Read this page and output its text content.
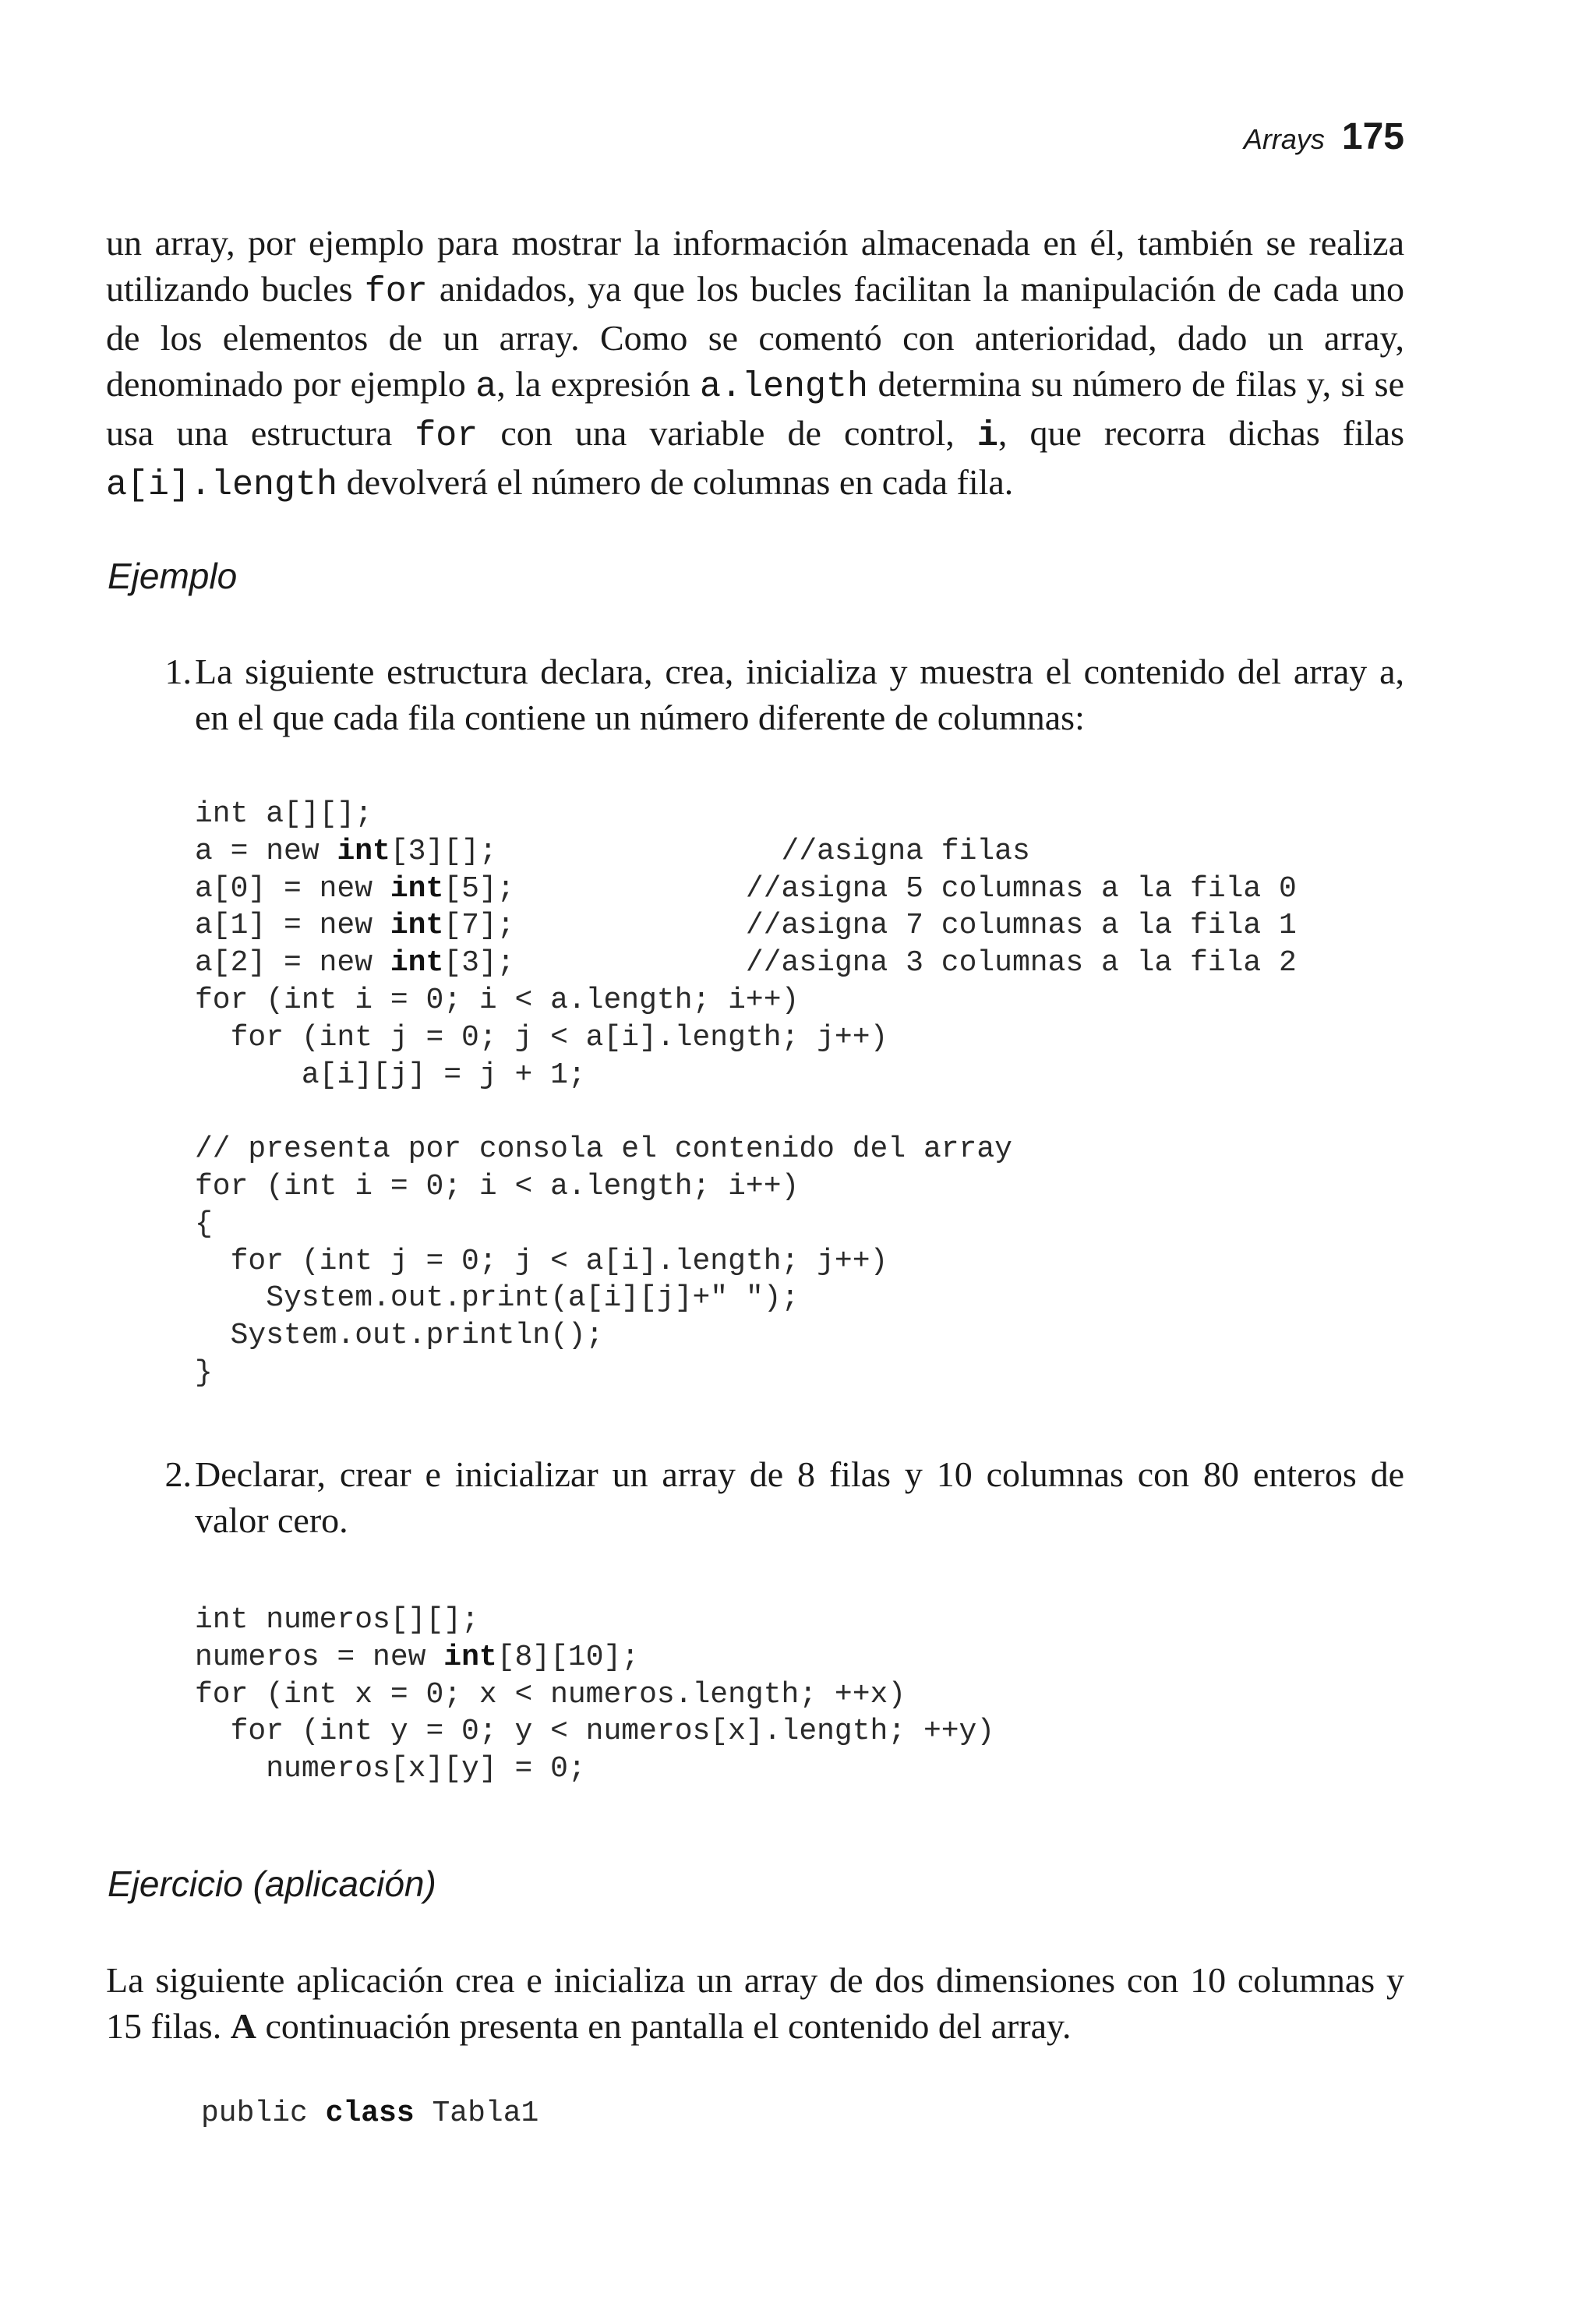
Arrays 175

un array, por ejemplo para mostrar la información almacenada en él, también se realiza utilizando bucles for anidados, ya que los bucles facilitan la manipulación de cada uno de los elementos de un array. Como se comentó con anterioridad, dado un array, denominado por ejemplo a, la expresión a.length determina su número de filas y, si se usa una estructura for con una variable de control, i, que recorra dichas filas a[i].length devolverá el número de columnas en cada fila.

Ejemplo
1. La siguiente estructura declara, crea, inicializa y muestra el contenido del array a, en el que cada fila contiene un número diferente de columnas:
int a[][];
a = new int[3][];                //asigna filas
a[0] = new int[5];             //asigna 5 columnas a la fila 0
a[1] = new int[7];             //asigna 7 columnas a la fila 1
a[2] = new int[3];             //asigna 3 columnas a la fila 2
for (int i = 0; i < a.length; i++)
for (int j = 0; j < a[i].length; j++)
a[i][j] = j + 1;

// presenta por consola el contenido del array
for (int i = 0; i < a.length; i++)
{
for (int j = 0; j < a[i].length; j++)
System.out.print(a[i][j]+" ");
System.out.println();
}
2. Declarar, crear e inicializar un array de 8 filas y 10 columnas con 80 enteros de valor cero.
int numeros[][];
numeros = new int[8][10];
for (int x = 0; x < numeros.length; ++x)
for (int y = 0; y < numeros[x].length; ++y)
numeros[x][y] = 0;
Ejercicio (aplicación)

La siguiente aplicación crea e inicializa un array de dos dimensiones con 10 columnas y 15 filas. A continuación presenta en pantalla el contenido del array.

public class Tabla1
